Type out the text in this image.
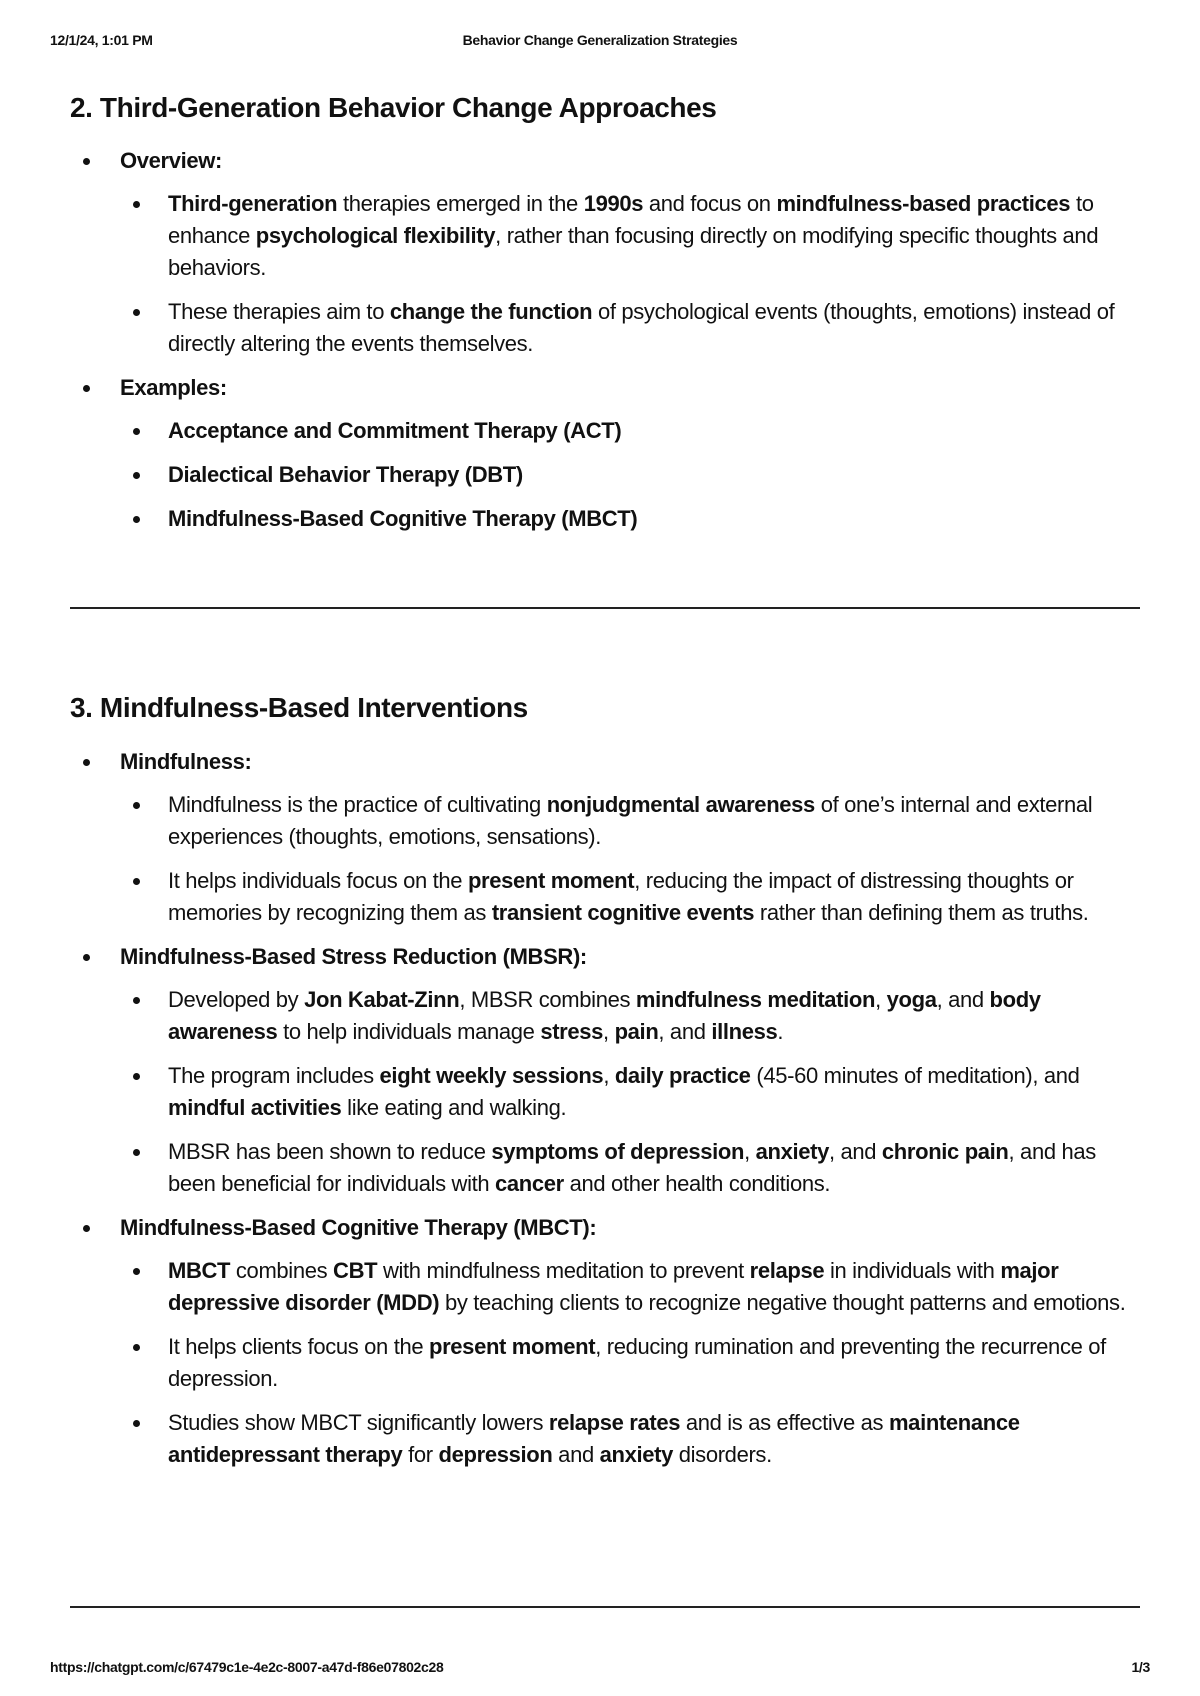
12/1/24, 1:01 PM	Behavior Change Generalization Strategies
2. Third-Generation Behavior Change Approaches
Overview:
Third-generation therapies emerged in the 1990s and focus on mindfulness-based practices to enhance psychological flexibility, rather than focusing directly on modifying specific thoughts and behaviors.
These therapies aim to change the function of psychological events (thoughts, emotions) instead of directly altering the events themselves.
Examples:
Acceptance and Commitment Therapy (ACT)
Dialectical Behavior Therapy (DBT)
Mindfulness-Based Cognitive Therapy (MBCT)
3. Mindfulness-Based Interventions
Mindfulness:
Mindfulness is the practice of cultivating nonjudgmental awareness of one’s internal and external experiences (thoughts, emotions, sensations).
It helps individuals focus on the present moment, reducing the impact of distressing thoughts or memories by recognizing them as transient cognitive events rather than defining them as truths.
Mindfulness-Based Stress Reduction (MBSR):
Developed by Jon Kabat-Zinn, MBSR combines mindfulness meditation, yoga, and body awareness to help individuals manage stress, pain, and illness.
The program includes eight weekly sessions, daily practice (45-60 minutes of meditation), and mindful activities like eating and walking.
MBSR has been shown to reduce symptoms of depression, anxiety, and chronic pain, and has been beneficial for individuals with cancer and other health conditions.
Mindfulness-Based Cognitive Therapy (MBCT):
MBCT combines CBT with mindfulness meditation to prevent relapse in individuals with major depressive disorder (MDD) by teaching clients to recognize negative thought patterns and emotions.
It helps clients focus on the present moment, reducing rumination and preventing the recurrence of depression.
Studies show MBCT significantly lowers relapse rates and is as effective as maintenance antidepressant therapy for depression and anxiety disorders.
https://chatgpt.com/c/67479c1e-4e2c-8007-a47d-f86e07802c28	1/3
